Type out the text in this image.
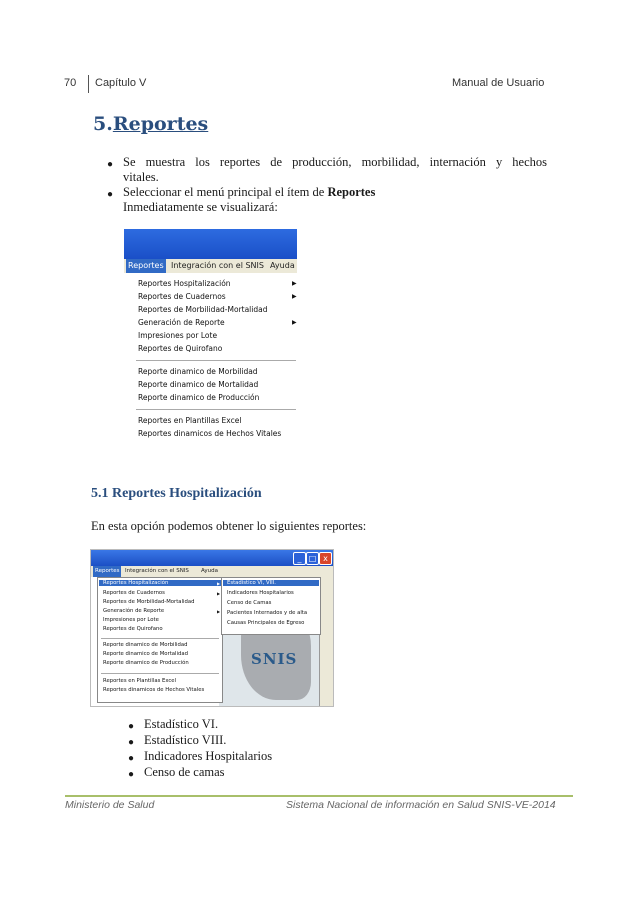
70 Capítulo V	Manual de Usuario
5.Reportes
● Se muestra los reportes de producción, morbilidad, internación y hechos
vitales.
● Seleccionar el menú principal el ítem de Reportes
Inmediatamente se visualizará:
Reportes Integración con el SNIS Ayuda
Reportes Hospitalización	▶
Reportes de Cuadernos	▶
Reportes de Morbilidad-Mortalidad
Generación de Reporte	▶
Impresiones por Lote
Reportes de Quirofano
Reporte dinamico de Morbilidad
Reporte dinamico de Mortalidad
Reporte dinamico de Producción
Reportes en Plantillas Excel
Reportes dinamicos de Hechos Vitales
5.1 Reportes Hospitalización
En esta opción podemos obtener lo siguientes reportes:
_ □ x
Reportes	Integración con el SNIS Ayuda
SNIS
Reportes Hospitalización	▶
Reportes de Cuadernos	▶
Reportes de Morbilidad-Mortalidad
Generación de Reporte	▶
Impresiones por Lote
Reportes de Quirofano
Reporte dinamico de Morbilidad
Reporte dinamico de Mortalidad
Reporte dinamico de Producción
Reportes en Plantillas Excel
Reportes dinamicos de Hechos Vitales
Estadistico VI, VIII.
Indicadores Hospitalarios
Censo de Camas
Pacientes Internados y de alta
Causas Principales de Egreso
● Estadístico VI.
● Estadístico VIII.
● Indicadores Hospitalarios
● Censo de camas
Ministerio de Salud	Sistema Nacional de información en Salud SNIS-VE-2014
